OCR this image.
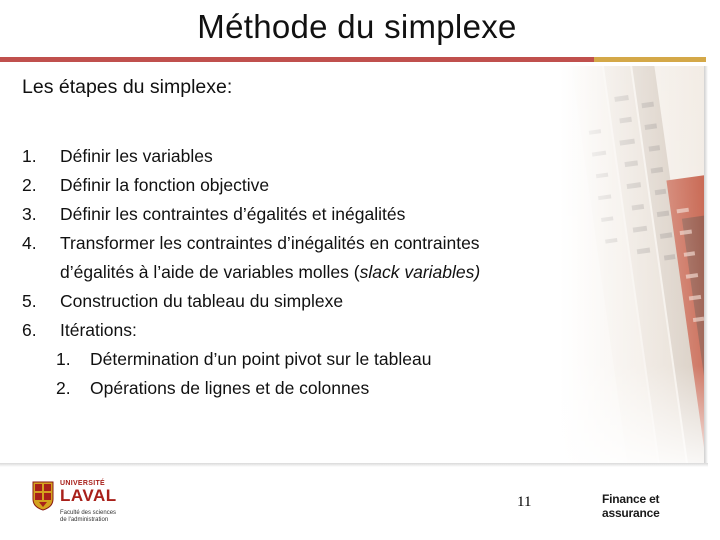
Méthode du simplexe
Les étapes du simplexe:
1.	Définir les variables
2.	Définir la fonction objective
3.	Définir les contraintes d’égalités et inégalités
4.	Transformer les contraintes d’inégalités en contraintes
d’égalités à l’aide de variables molles (slack variables)
5.	Construction du tableau du simplexe
6.	Itérations:
1. Détermination d’un point pivot sur le tableau
2. Opérations de lignes et de colonnes
UNIVERSITÉ
LAVAL
Faculté des sciences de l'administration
11	Finance et assurance
